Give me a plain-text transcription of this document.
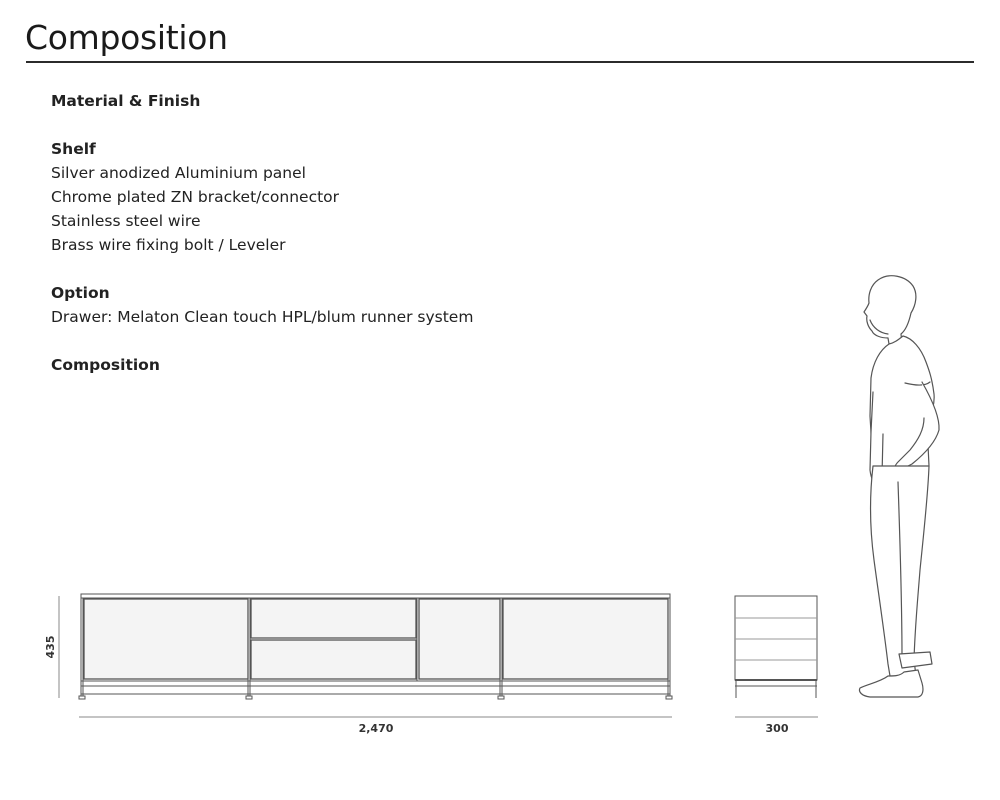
Composition
Material & Finish
Shelf
Silver anodized Aluminium panel
Chrome plated ZN bracket/connector
Stainless steel wire
Brass wire fixing bolt / Leveler
Option
Drawer: Melaton Clean touch HPL/blum runner system
Composition
435
2,470	300
